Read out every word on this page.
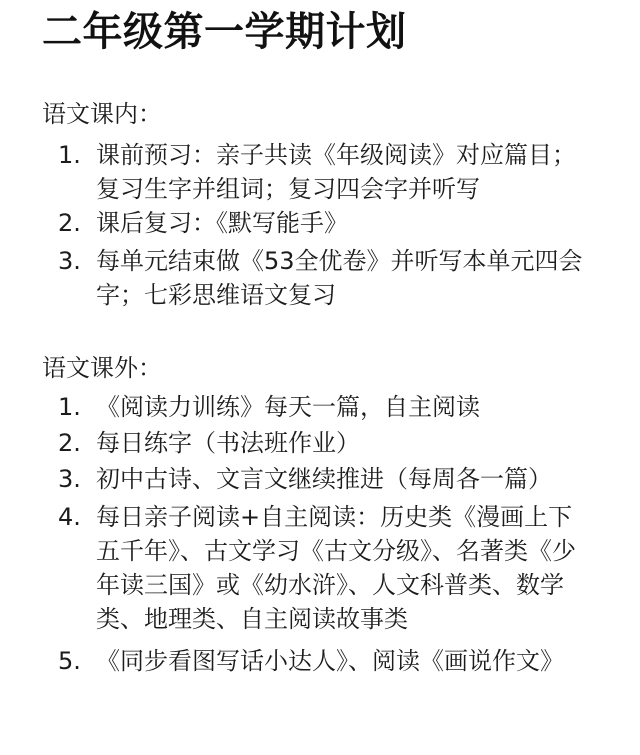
二年级第一学期计划
语文课内：
1. 课前预习：亲子共读《年级阅读》对应篇目；复习生字并组词；复习四会字并听写
2. 课后复习：《默写能手》
3. 每单元结束做《53全优卷》并听写本单元四会字；七彩思维语文复习
语文课外：
1. 《阅读力训练》每天一篇，自主阅读
2. 每日练字（书法班作业）
3. 初中古诗、文言文继续推进（每周各一篇）
4. 每日亲子阅读+自主阅读：历史类《漫画上下五千年》、古文学习《古文分级》、名著类《少年读三国》或《幼水浒》、人文科普类、数学类、地理类、自主阅读故事类
5. 《同步看图写话小达人》、阅读《画说作文》
